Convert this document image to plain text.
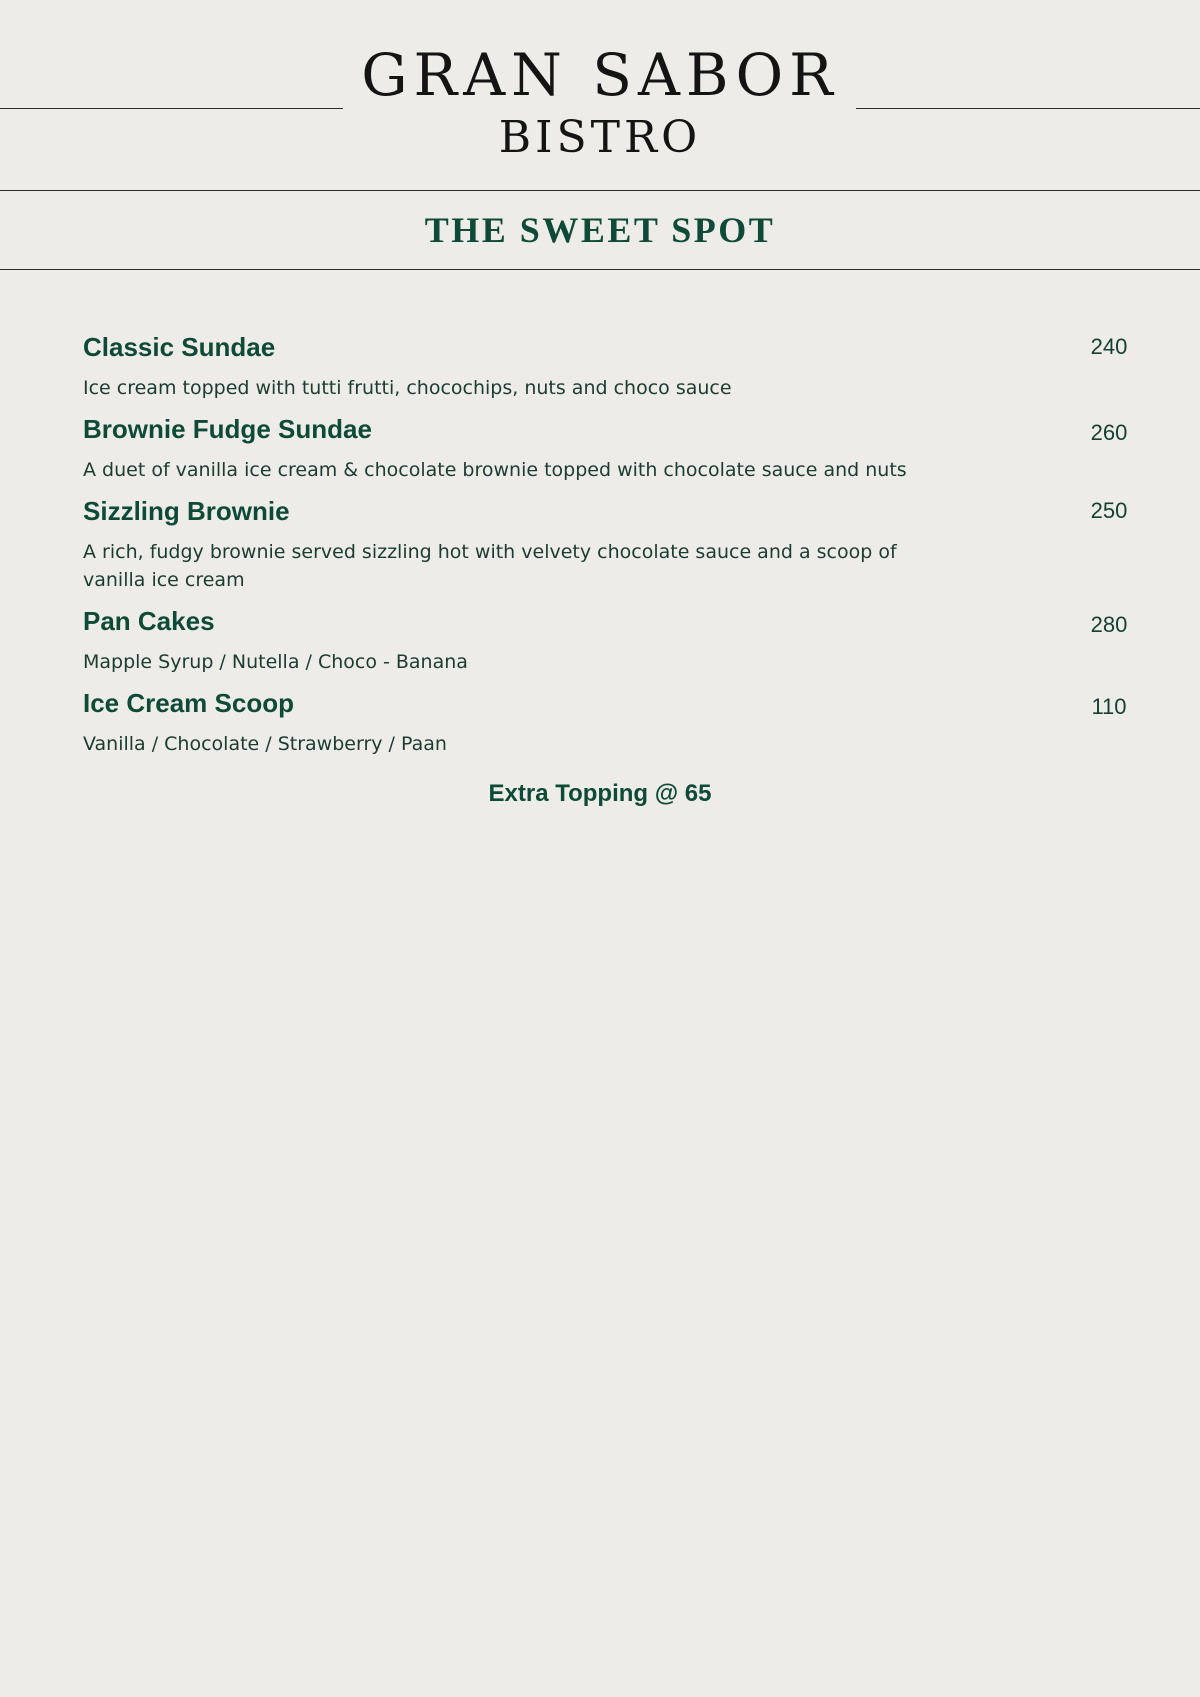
GRAN SABOR
BISTRO
THE SWEET SPOT
Classic Sundae	240
Ice cream topped with tutti frutti, chocochips, nuts and choco sauce
Brownie Fudge Sundae	260
A duet of vanilla ice cream & chocolate brownie topped with chocolate sauce and nuts
Sizzling Brownie	250
A rich, fudgy brownie served sizzling hot with velvety chocolate sauce and a scoop of vanilla ice cream
Pan Cakes	280
Mapple Syrup / Nutella / Choco - Banana
Ice Cream Scoop	110
Vanilla / Chocolate / Strawberry / Paan
Extra Topping @ 65
